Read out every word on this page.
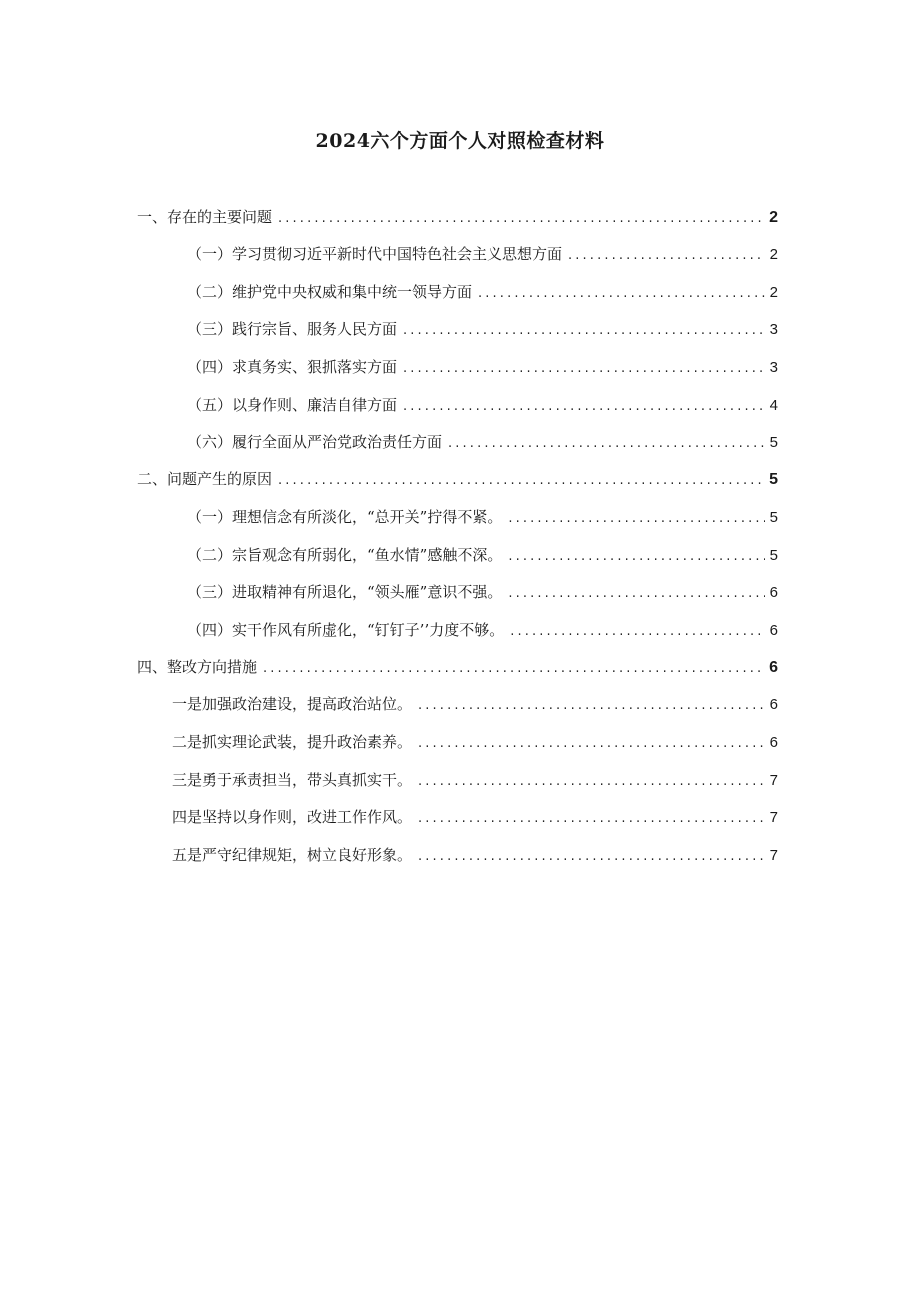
2024六个方面个人对照检查材料
一、存在的主要问题 . . .	2
（一）学习贯彻习近平新时代中国特色社会主义思想方面 . . .	2
（二）维护党中央权威和集中统一领导方面 . . .	2
（三）践行宗旨、服务人民方面 . . .	3
（四）求真务实、狠抓落实方面 . . .	3
（五）以身作则、廉洁自律方面 . . .	4
（六）履行全面从严治党政治责任方面 . . .	5
二、问题产生的原因 . . .	5
（一）理想信念有所淡化，“总开关”拧得不紧。 . . .	5
（二）宗旨观念有所弱化，“鱼水情”感触不深。 . . .	5
（三）进取精神有所退化，“领头雁”意识不强。 . . .	6
（四）实干作风有所虚化，“钉钉子’’力度不够。 . . .	6
四、整改方向措施 . . .	6
一是加强政治建设，提高政治站位。 . . .	6
二是抓实理论武装，提升政治素养。 . . .	6
三是勇于承责担当，带头真抓实干。 . . .	7
四是坚持以身作则，改进工作作风。 . . .	7
五是严守纪律规矩，树立良好形象。 . . .	7
